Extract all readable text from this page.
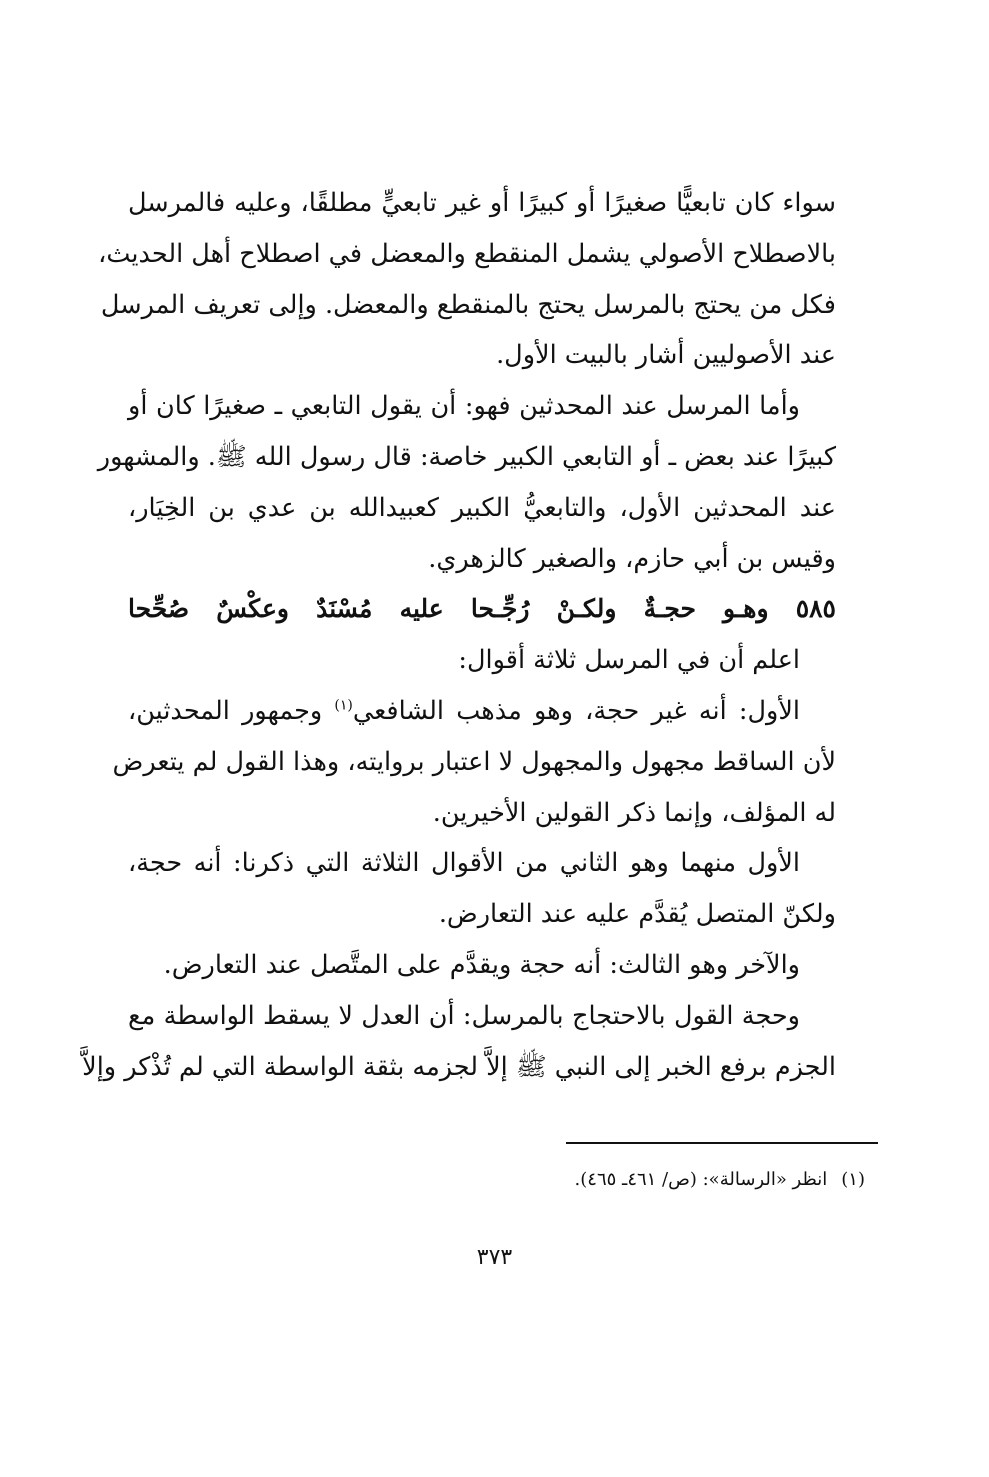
سواء كان تابعيًّا صغيرًا أو كبيرًا أو غير تابعيٍّ مطلقًا، وعليه فالمرسل
بالاصطلاح الأصولي يشمل المنقطع والمعضل في اصطلاح أهل الحديث،
فكل من يحتج بالمرسل يحتج بالمنقطع والمعضل. وإلى تعريف المرسل
عند الأصوليين أشار بالبيت الأول.
وأما المرسل عند المحدثين فهو: أن يقول التابعي ـ صغيرًا كان أو
كبيرًا عند بعض ـ أو التابعي الكبير خاصة: قال رسول الله ﷺ. والمشهور
عند المحدثين الأول، والتابعيُّ الكبير كعبيدالله بن عدي بن الخِيَار،
وقيس بن أبي حازم، والصغير كالزهري.
٥٨٥ وهـو حجـةٌ ولكـنْ رُجِّـحا عليه مُسْنَدٌ وعكْسٌ صُحِّحا
اعلم أن في المرسل ثلاثة أقوال:
الأول: أنه غير حجة، وهو مذهب الشافعي$^{(١)}$ وجمهور المحدثين،
لأن الساقط مجهول والمجهول لا اعتبار بروايته، وهذا القول لم يتعرض
له المؤلف، وإنما ذكر القولين الأخيرين.
الأول منهما وهو الثاني من الأقوال الثلاثة التي ذكرنا: أنه حجة،
ولكنّ المتصل يُقدَّم عليه عند التعارض.
والآخر وهو الثالث: أنه حجة ويقدَّم على المتَّصل عند التعارض.
وحجة القول بالاحتجاج بالمرسل: أن العدل لا يسقط الواسطة مع
الجزم برفع الخبر إلى النبي ﷺ إلاَّ لجزمه بثقة الواسطة التي لم تُذْكر وإلاَّ
(١)انظر «الرسالة»: (ص/ ٤٦١ـ ٤٦٥).
٣٧٣
